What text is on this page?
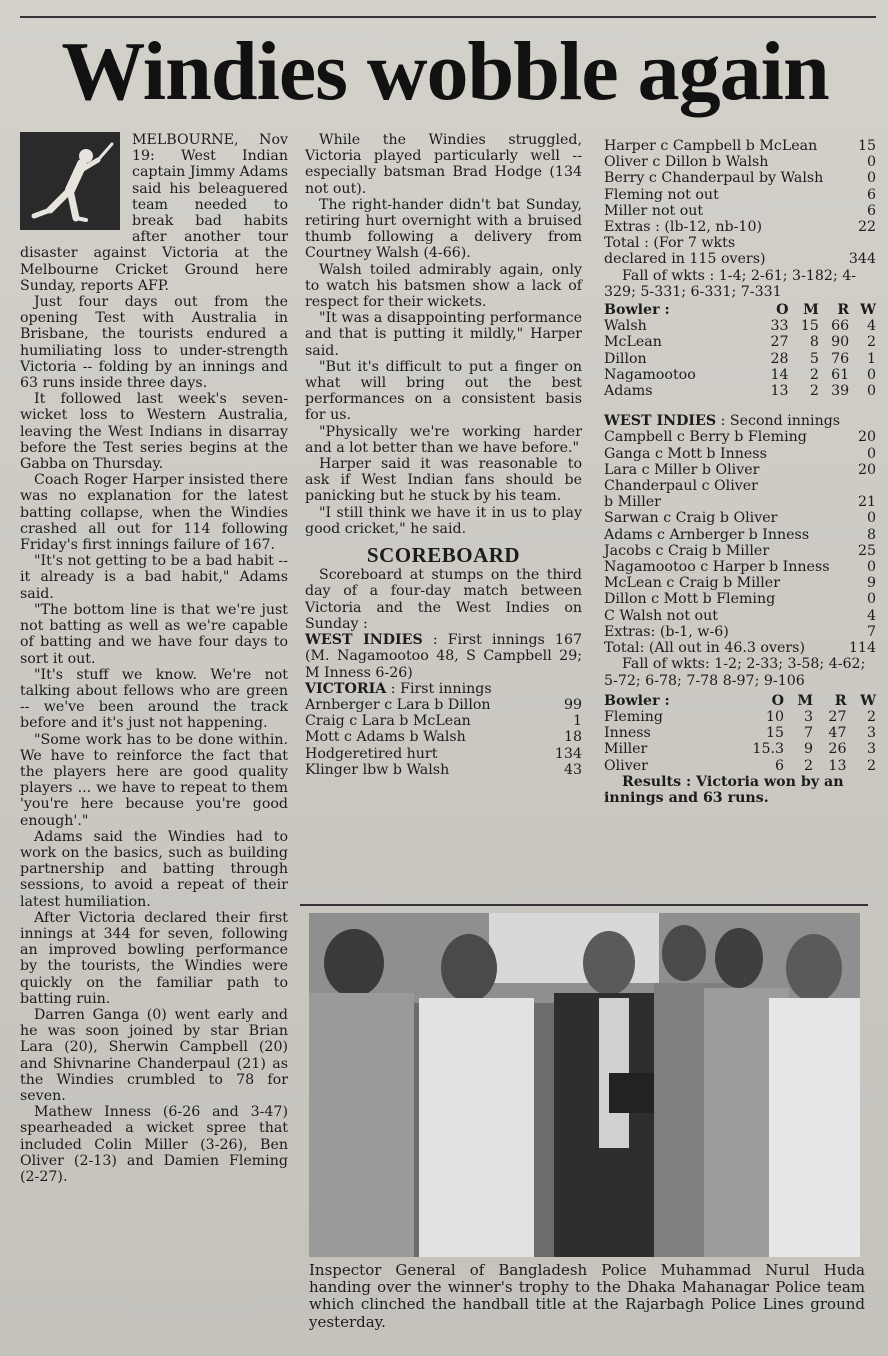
Windies wobble again

MELBOURNE, Nov 19: West Indian captain Jimmy Adams said his beleaguered team needed to break bad habits after another tour disaster against Victoria at the Melbourne Cricket Ground here Sunday, reports AFP.

Just four days out from the opening Test with Australia in Brisbane, the tourists endured a humiliating loss to under-strength Victoria -- folding by an innings and 63 runs inside three days.

It followed last week's seven-wicket loss to Western Australia, leaving the West Indians in disarray before the Test series begins at the Gabba on Thursday.

Coach Roger Harper insisted there was no explanation for the latest batting collapse, when the Windies crashed all out for 114 following Friday's first innings failure of 167.

"It's not getting to be a bad habit -- it already is a bad habit," Adams said.

"The bottom line is that we're just not batting as well as we're capable of batting and we have four days to sort it out.

"It's stuff we know. We're not talking about fellows who are green -- we've been around the track before and it's just not happening.

"Some work has to be done within. We have to reinforce the fact that the players here are good quality players ... we have to repeat to them 'you're here because you're good enough'."

Adams said the Windies had to work on the basics, such as building partnership and batting through sessions, to avoid a repeat of their latest humiliation.

After Victoria declared their first innings at 344 for seven, following an improved bowling performance by the tourists, the Windies were quickly on the familiar path to batting ruin.

Darren Ganga (0) went early and he was soon joined by star Brian Lara (20), Sherwin Campbell (20) and Shivnarine Chanderpaul (21) as the Windies crumbled to 78 for seven.

Mathew Inness (6-26 and 3-47) spearheaded a wicket spree that included Colin Miller (3-26), Ben Oliver (2-13) and Damien Fleming (2-27).

While the Windies struggled, Victoria played particularly well -- especially batsman Brad Hodge (134 not out).

The right-hander didn't bat Sunday, retiring hurt overnight with a bruised thumb following a delivery from Courtney Walsh (4-66).

Walsh toiled admirably again, only to watch his batsmen show a lack of respect for their wickets.

"It was a disappointing performance and that is putting it mildly," Harper said.

"But it's difficult to put a finger on what will bring out the best performances on a consistent basis for us.

"Physically we're working harder and a lot better than we have before."

Harper said it was reasonable to ask if West Indian fans should be panicking but he stuck by his team.

"I still think we have it in us to play good cricket," he said.

SCOREBOARD

Scoreboard at stumps on the third day of a four-day match between Victoria and the West Indies on Sunday :

WEST INDIES : First innings 167 (M. Nagamootoo 48, S Campbell 29; M Inness 6-26)

VICTORIA : First innings

Arnberger c Lara b Dillon	99
Craig c Lara b McLean	1
Mott c Adams b Walsh	18
Hodgeretired hurt	134
Klinger lbw b Walsh	43
Harper c Campbell b McLean	15
Oliver c Dillon b Walsh	0
Berry c Chanderpaul by Walsh	0
Fleming not out	6
Miller not out	6
Extras : (lb-12, nb-10)	22
Total : (For 7 wkts
declared in 115 overs)	344

Fall of wkts : 1-4; 2-61; 3-182; 4-329; 5-331; 6-331; 7-331

Bowler :	O	M	R	W
Walsh	33	15	66	4
McLean	27	8	90	2
Dillon	28	5	76	1
Nagamootoo	14	2	61	0
Adams	13	2	39	0

WEST INDIES : Second innings

Campbell c Berry b Fleming	20
Ganga c Mott b Inness	0
Lara c Miller b Oliver	20
Chanderpaul c Oliver
b Miller	21
Sarwan c Craig b Oliver	0
Adams c Arnberger b Inness	8
Jacobs c Craig b Miller	25
Nagamootoo c Harper b Inness	0
McLean c Craig b Miller	9
Dillon c Mott b Fleming	0
C Walsh not out	4
Extras: (b-1, w-6)	7
Total: (All out in 46.3 overs)	114

Fall of wkts: 1-2; 2-33; 3-58; 4-62; 5-72; 6-78; 7-78 8-97; 9-106

Bowler :	O	M	R	W
Fleming	10	3	27	2
Inness	15	7	47	3
Miller	15.3	9	26	3
Oliver	6	2	13	2

Results : Victoria won by an innings and 63 runs.

Inspector General of Bangladesh Police Muhammad Nurul Huda handing over the winner's trophy to the Dhaka Mahanagar Police team which clinched the handball title at the Rajarbagh Police Lines ground yesterday.
